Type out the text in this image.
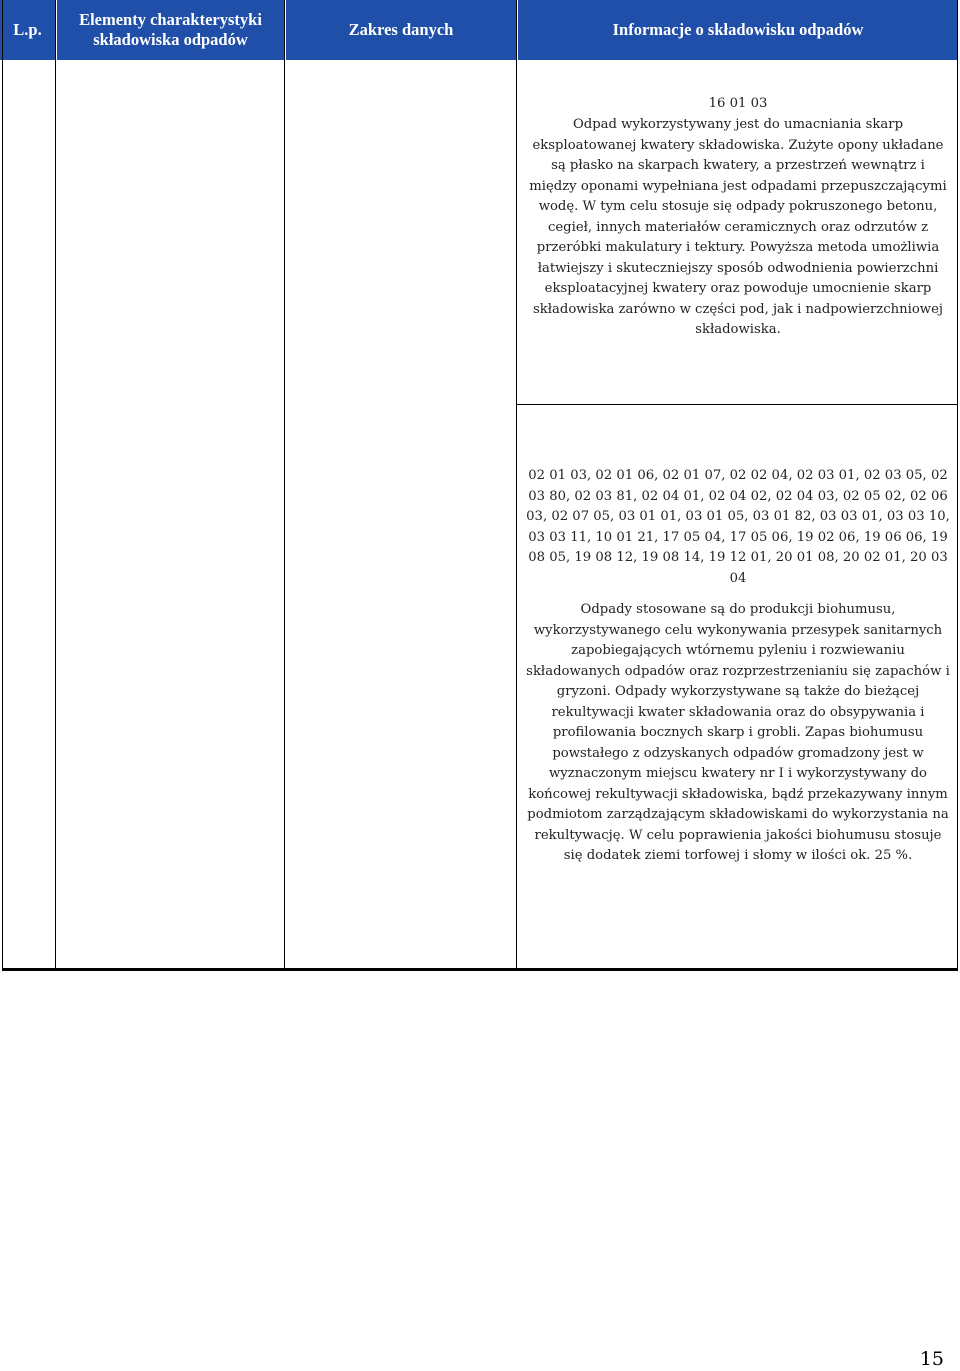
L.p.
Elementy charakterystyki składowiska odpadów
Zakres danych	Informacje o składowisku odpadów

16 01 03

Odpad wykorzystywany jest do umacniania skarp eksploatowanej kwatery składowiska. Zużyte opony układane są płasko na skarpach kwatery, a przestrzeń wewnątrz i między oponami wypełniana jest odpadami przepuszczającymi wodę. W tym celu stosuje się odpady pokruszonego betonu, cegieł, innych materiałów ceramicznych oraz odrzutów z przeróbki makulatury i tektury. Powyższa metoda umożliwia łatwiejszy i skuteczniejszy sposób odwodnienia powierzchni eksploatacyjnej kwatery oraz powoduje umocnienie skarp składowiska zarówno w części pod, jak i nadpowierzchniowej składowiska.

02 01 03, 02 01 06, 02 01 07, 02 02 04, 02 03 01, 02 03 05, 02 03 80, 02 03 81, 02 04 01, 02 04 02, 02 04 03, 02 05 02, 02 06 03, 02 07 05, 03 01 01, 03 01 05, 03 01 82, 03 03 01, 03 03 10, 03 03 11, 10 01 21, 17 05 04, 17 05 06, 19 02 06, 19 06 06, 19 08 05, 19 08 12, 19 08 14, 19 12 01, 20 01 08, 20 02 01, 20 03 04

Odpady stosowane są do produkcji biohumusu, wykorzystywanego celu wykonywania przesypek sanitarnych zapobiegających wtórnemu pyleniu i rozwiewaniu składowanych odpadów oraz rozprzestrzenianiu się zapachów i gryzoni. Odpady wykorzystywane są także do bieżącej rekultywacji kwater składowania oraz do obsypywania i profilowania bocznych skarp i grobli. Zapas biohumusu powstałego z odzyskanych odpadów gromadzony jest w wyznaczonym miejscu kwatery nr I i wykorzystywany do końcowej rekultywacji składowiska, bądź przekazywany innym podmiotom zarządzającym składowiskami do wykorzystania na rekultywację. W celu poprawienia jakości biohumusu stosuje się dodatek ziemi torfowej i słomy w ilości ok. 25 %.

15
